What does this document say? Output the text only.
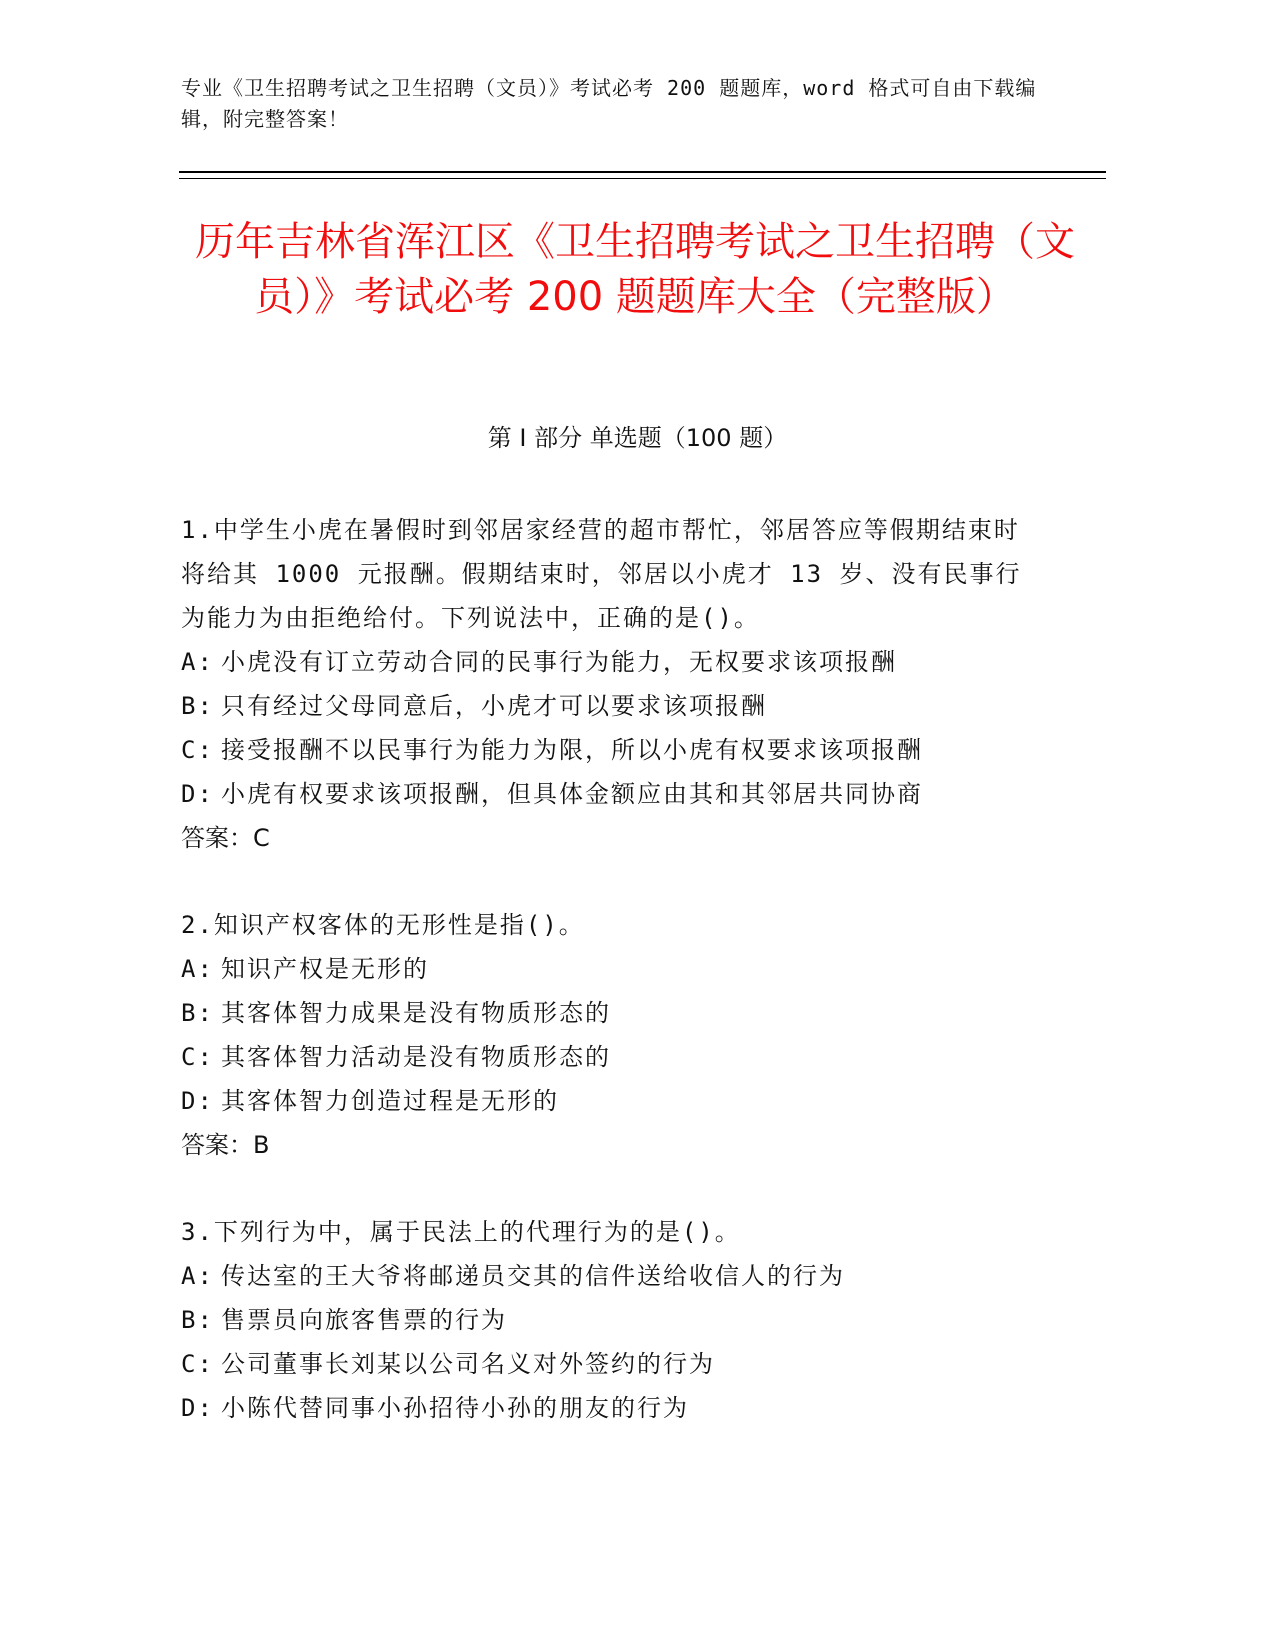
专业《卫生招聘考试之卫生招聘（文员）》考试必考 200 题题库，word 格式可自由下载编辑，附完整答案！
历年吉林省浑江区《卫生招聘考试之卫生招聘（文员）》考试必考 200 题题库大全（完整版）
第 I 部分 单选题（100 题）
1.中学生小虎在暑假时到邻居家经营的超市帮忙，邻居答应等假期结束时将给其 1000 元报酬。假期结束时，邻居以小虎才 13 岁、没有民事行为能力为由拒绝给付。下列说法中，正确的是()。
A: 小虎没有订立劳动合同的民事行为能力，无权要求该项报酬
B: 只有经过父母同意后，小虎才可以要求该项报酬
C: 接受报酬不以民事行为能力为限，所以小虎有权要求该项报酬
D: 小虎有权要求该项报酬，但具体金额应由其和其邻居共同协商
答案：C
2.知识产权客体的无形性是指()。
A: 知识产权是无形的
B: 其客体智力成果是没有物质形态的
C: 其客体智力活动是没有物质形态的
D: 其客体智力创造过程是无形的
答案：B
3.下列行为中，属于民法上的代理行为的是()。
A: 传达室的王大爷将邮递员交其的信件送给收信人的行为
B: 售票员向旅客售票的行为
C: 公司董事长刘某以公司名义对外签约的行为
D: 小陈代替同事小孙招待小孙的朋友的行为
